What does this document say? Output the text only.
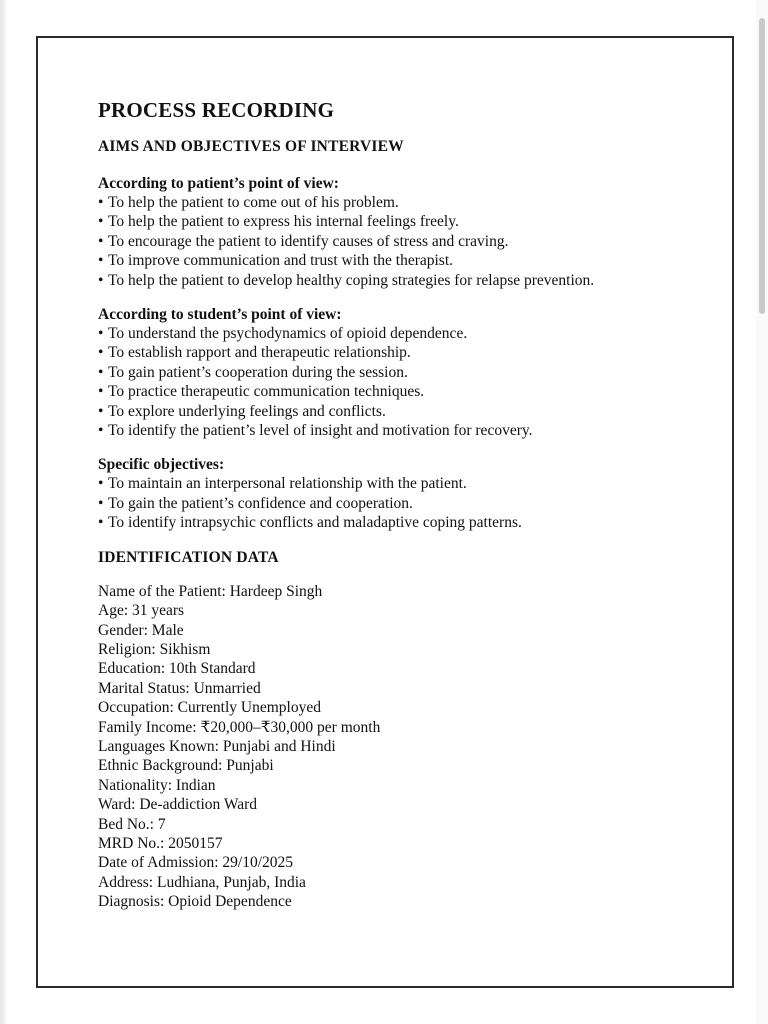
PROCESS RECORDING
AIMS AND OBJECTIVES OF INTERVIEW
According to patient’s point of view:
• To help the patient to come out of his problem.
• To help the patient to express his internal feelings freely.
• To encourage the patient to identify causes of stress and craving.
• To improve communication and trust with the therapist.
• To help the patient to develop healthy coping strategies for relapse prevention.
According to student’s point of view:
• To understand the psychodynamics of opioid dependence.
• To establish rapport and therapeutic relationship.
• To gain patient’s cooperation during the session.
• To practice therapeutic communication techniques.
• To explore underlying feelings and conflicts.
• To identify the patient’s level of insight and motivation for recovery.
Specific objectives:
• To maintain an interpersonal relationship with the patient.
• To gain the patient’s confidence and cooperation.
• To identify intrapsychic conflicts and maladaptive coping patterns.
IDENTIFICATION DATA
Name of the Patient: Hardeep Singh
Age: 31 years
Gender: Male
Religion: Sikhism
Education: 10th Standard
Marital Status: Unmarried
Occupation: Currently Unemployed
Family Income: ₹20,000–₹30,000 per month
Languages Known: Punjabi and Hindi
Ethnic Background: Punjabi
Nationality: Indian
Ward: De-addiction Ward
Bed No.: 7
MRD No.: 2050157
Date of Admission: 29/10/2025
Address: Ludhiana, Punjab, India
Diagnosis: Opioid Dependence
